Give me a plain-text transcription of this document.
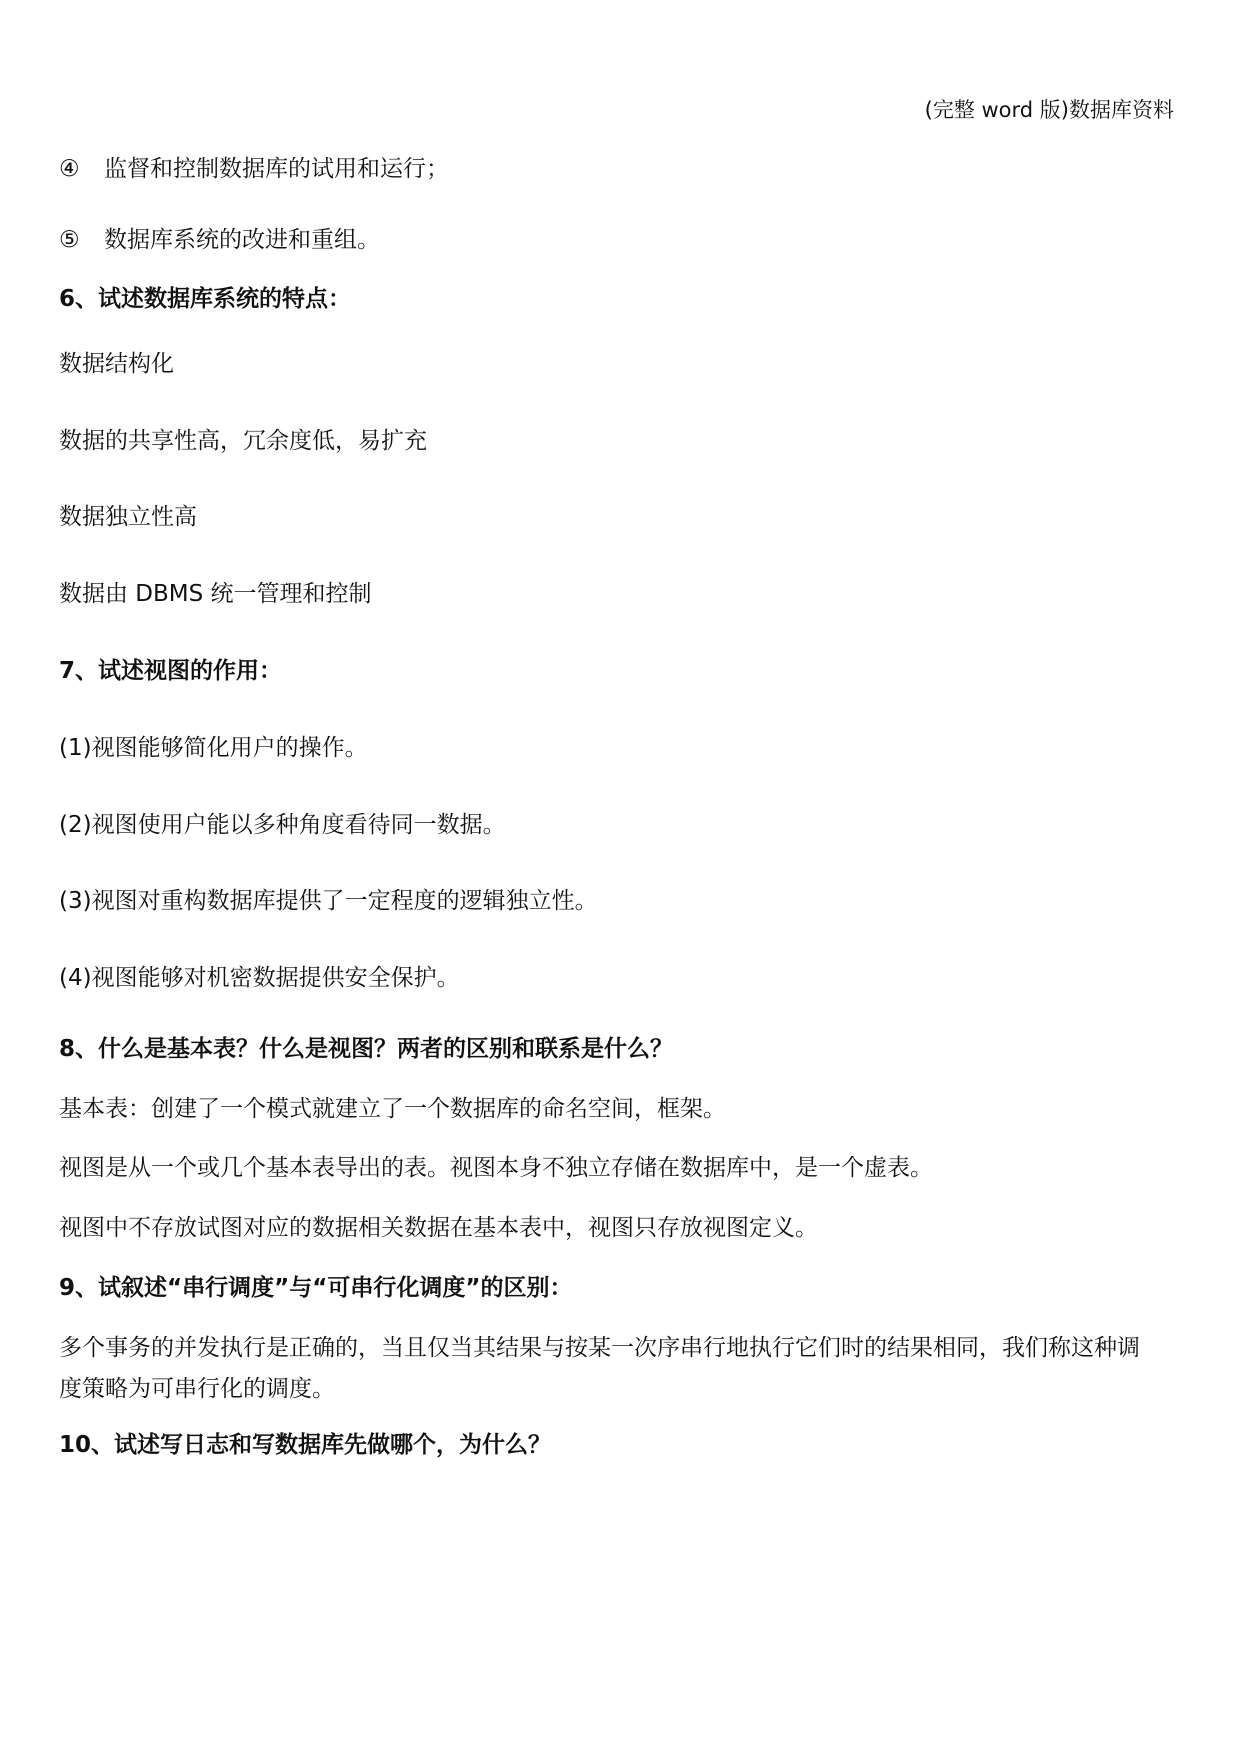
(完整 word 版)数据库资料
④ 监督和控制数据库的试用和运行；
⑤ 数据库系统的改进和重组。
6、试述数据库系统的特点：
数据结构化
数据的共享性高，冗余度低，易扩充
数据独立性高
数据由 DBMS 统一管理和控制
7、试述视图的作用：
(1)视图能够简化用户的操作。
(2)视图使用户能以多种角度看待同一数据。
(3)视图对重构数据库提供了一定程度的逻辑独立性。
(4)视图能够对机密数据提供安全保护。
8、什么是基本表？什么是视图？两者的区别和联系是什么？
基本表：创建了一个模式就建立了一个数据库的命名空间，框架。
视图是从一个或几个基本表导出的表。视图本身不独立存储在数据库中，是一个虚表。
视图中不存放试图对应的数据相关数据在基本表中，视图只存放视图定义。
9、试叙述“串行调度”与“可串行化调度”的区别：
多个事务的并发执行是正确的，当且仅当其结果与按某一次序串行地执行它们时的结果相同，我们称这种调
度策略为可串行化的调度。
10、试述写日志和写数据库先做哪个，为什么？
